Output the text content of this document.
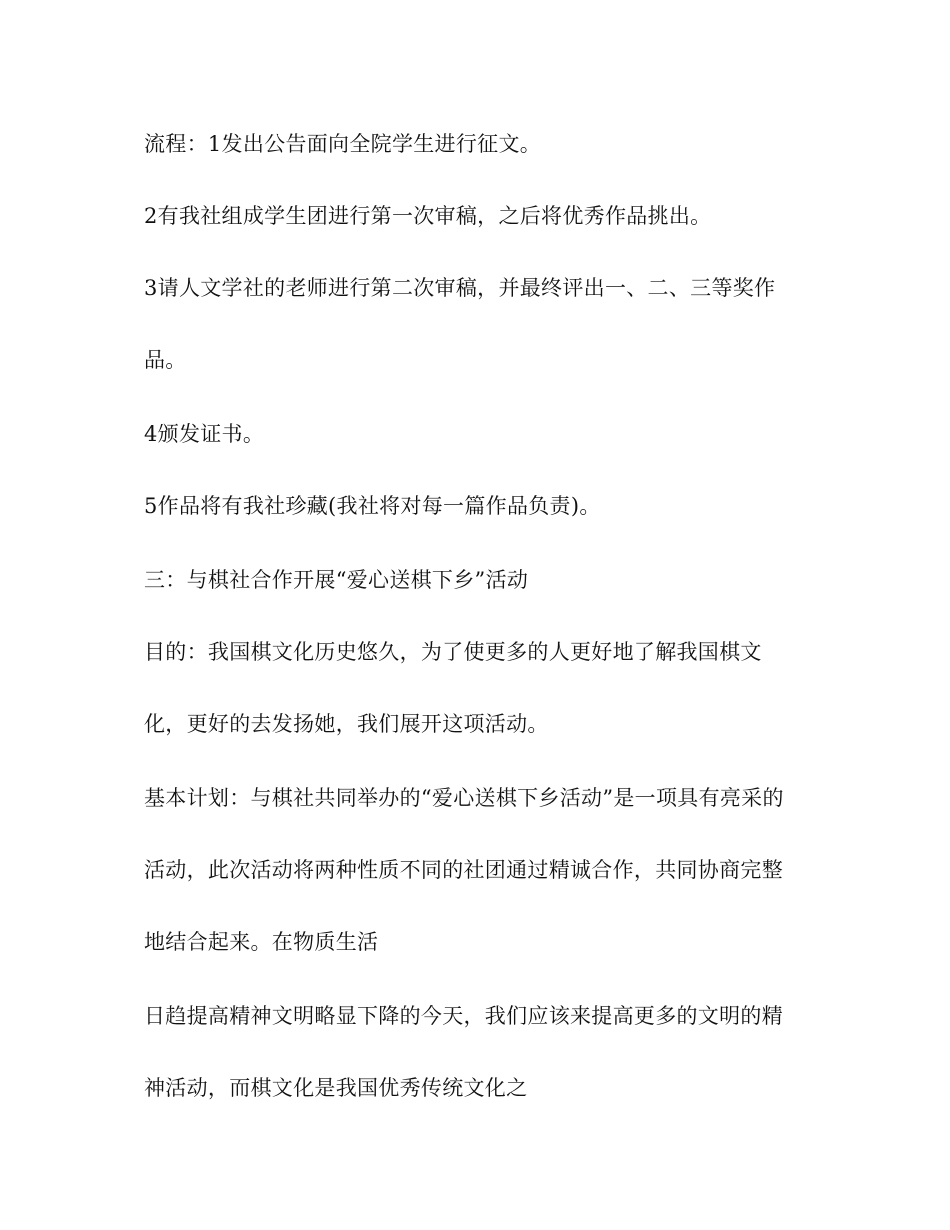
流程：1发出公告面向全院学生进行征文。
2有我社组成学生团进行第一次审稿，之后将优秀作品挑出。
3请人文学社的老师进行第二次审稿，并最终评出一、二、三等奖作
品。
4颁发证书。
5作品将有我社珍藏(我社将对每一篇作品负责)。
三：与棋社合作开展“爱心送棋下乡”活动
目的：我国棋文化历史悠久，为了使更多的人更好地了解我国棋文
化，更好的去发扬她，我们展开这项活动。
基本计划：与棋社共同举办的“爱心送棋下乡活动”是一项具有亮采的
活动，此次活动将两种性质不同的社团通过精诚合作，共同协商完整
地结合起来。在物质生活
日趋提高精神文明略显下降的今天，我们应该来提高更多的文明的精
神活动，而棋文化是我国优秀传统文化之
